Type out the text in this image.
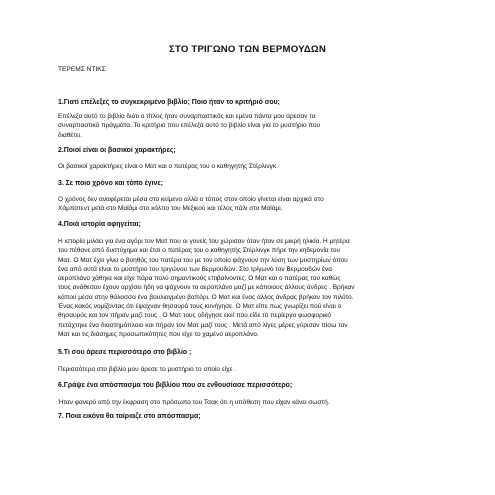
ΣΤΟ ΤΡΙΓΩΝΟ ΤΩΝ ΒΕΡΜΟΥΔΩΝ
ΤΕΡΕΜΣ ΝΤΙΚΣ
1.Γιατί επέλεξες το συγκεκριμένο βιβλίο; Ποιο ήταν το κριτήριό σου;
Επέλεξα αυτό το βιβλίο διότι ο τίτλος ήταν συναρπαστικός και εμένα πάντα μου άρεσαν τα
συναρπαστικά πράγματα. Το κριτήριο που επέλεξα αυτό το βιβλίο είναι για το μυστήριο που
διαθέτει.
2.Ποιοί είναι οι βασικοί χαρακτήρες;
Οι βασικοί χαρακτήρες είναι ο Ματ και ο πατέρας του ο καθηγητής Στέρλινγκ.
3. Σε ποιο χρόνο και τόπο έγινε;
Ο χρόνος δεν αναφέρεται μέσα στο κείμενο αλλά ο τόπος στον οποίο γίνεται είναι αρχικά στο
Χάμπστεντ μετά στο Μαϊάμι στο κόλπο του Μεξικού και τέλος πάλι στο Μαϊάμι.
4.Ποιά ιστορία αφηγείται;
Η ιστορία μιλάει για ένα αγόρι τον Ματ που οι γονείς του χώρισαν όταν ήταν σε μικρή ηλικία. Η μητέρα
του πέθανε από δυστύχημα και έτσι ο πατέρας του ο καθηγητής Στέρλινγκ πήρε την κηδεμονία του
Ματ. Ο Ματ έχει γίνει ο βοηθός του πατέρα του με τον οποίο ψάχνουν την λύση των μυστηρίων όπου
ένα από αυτά είναι το μυστήριο του τριγώνου των Βερμουδών. Στο τρίγωνο τον Βερμουδών ένα
αεροπλάνο χάθηκε και είχε πάρα πολύ σημαντικούς επιβαίνοντες. Ο Ματ και ο πατέρας του καθώς
τους ανάθεσαν έχουν αρχίσει ήδη να ψάχνουν το αεροπλάνο μαζί με κάποιους άλλους άνδρες . Βρήκαν
κάπου μέσα στην θάλασσα ένα βουλιαγμένο βαπόρι. Ο Ματ και ένας άλλος άνδρας βρήκαν τον πιλότο.
Ένας κακός νομίζοντας ότι έψαχναν θησαυρό τους κυνήγησε. Ο Ματ είπε πως γνωρίζει πού είναι ο
θησαυρός και τον πήραν μαζί τους . Ο Ματ τους οδήγησε εκεί που είδε το περίεργο φωσφορικό
πετάχτηκε ένα διαστημόπλοιο και πήραν τον Ματ μαζί τους . Μετά από λίγες μέρες γύρισαν πίσω τον
Ματ και τις διάσημες προσωπικότητες που είχε το χαμένο αεροπλάνο.
5.Τι σου άρεσε περισσότερο στο βιβλίο ;
Περισσότερο στο βιβλίο μου άρεσε το μυστήριο το οποίο είχε .
6.Γράψε ένα απόσπασμα του βιβλίου που σε ενθουσίασε περισσότερο;
Ήταν φανερό από την έκφραση στο πρόσωπο του Τσακ ότι η υπόθεση που είχαν κάνει σωστή.
7. Ποια εικόνα θα ταίριαζε στο απόσπασμα;
